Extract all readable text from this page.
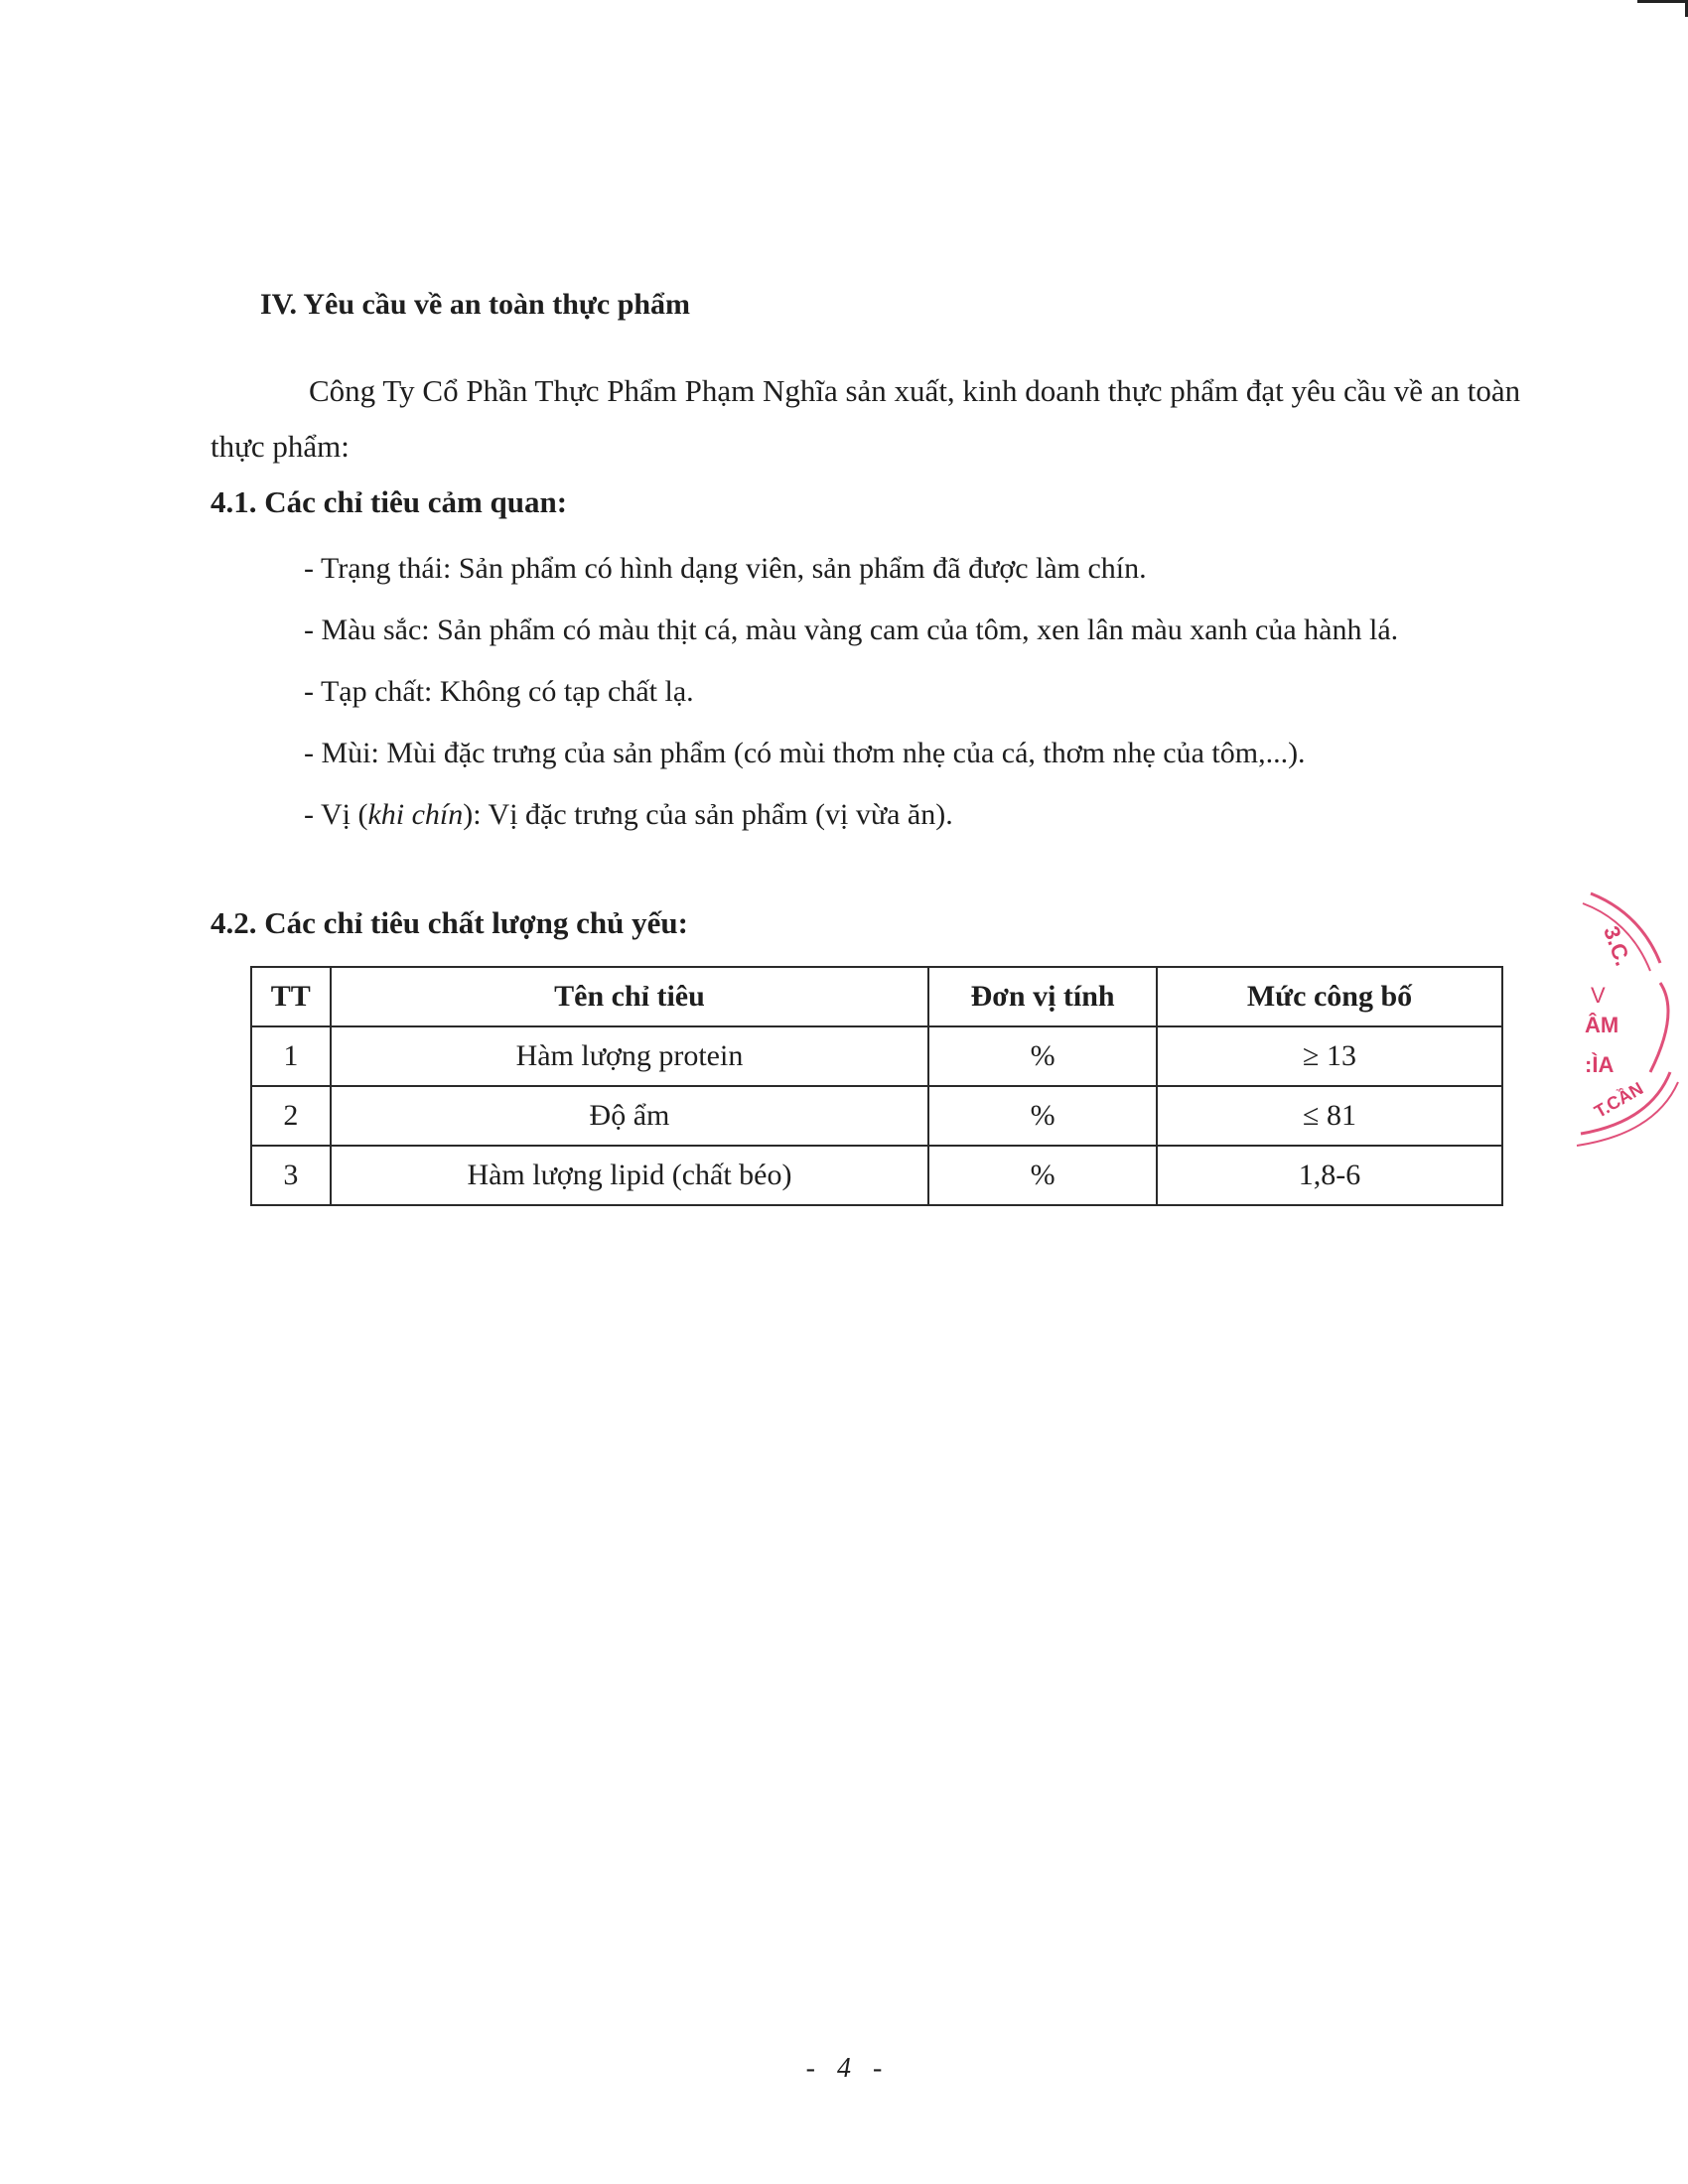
IV. Yêu cầu về an toàn thực phẩm

Công Ty Cổ Phần Thực Phẩm Phạm Nghĩa sản xuất, kinh doanh thực phẩm đạt yêu cầu về an toàn thực phẩm:

4.1. Các chỉ tiêu cảm quan:

- Trạng thái: Sản phẩm có hình dạng viên, sản phẩm đã được làm chín.

- Màu sắc: Sản phẩm có màu thịt cá, màu vàng cam của tôm, xen lân màu xanh của hành lá.

- Tạp chất: Không có tạp chất lạ.

- Mùi: Mùi đặc trưng của sản phẩm (có mùi thơm nhẹ của cá, thơm nhẹ của tôm,...).

- Vị (khi chín): Vị đặc trưng của sản phẩm (vị vừa ăn).

4.2. Các chỉ tiêu chất lượng chủ yếu:
TT	Tên chỉ tiêu	Đơn vị tính	Mức công bố
1	Hàm lượng protein	%	≥ 13
2	Độ ẩm	%	≤ 81
3	Hàm lượng lipid (chất béo)	%	1,8-6
3.C.
V
ÂM
:ÌA
T.CẦN
- 4 -
